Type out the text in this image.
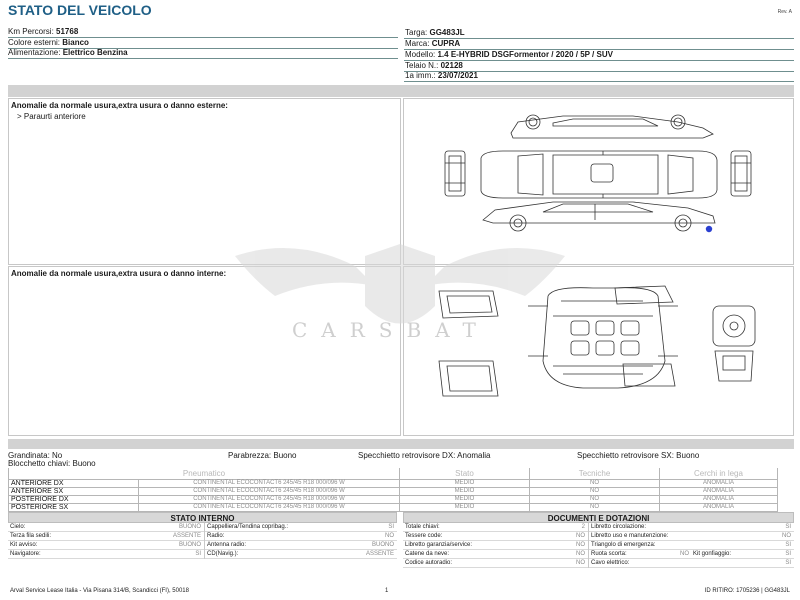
STATO DEL VEICOLO	Rev. A
Km Percorsi: 51768
Colore esterni: Bianco
Alimentazione: Elettrico Benzina
Targa: GG483JL
Marca: CUPRA
Modello: 1.4 E-HYBRID DSGFormentor / 2020 / 5P / SUV
Telaio N.: 02128
1a imm.: 23/07/2021
Anomalie da normale usura,extra usura o danno esterne:
> Paraurti anteriore
Anomalie da normale usura,extra usura o danno interne:
CARSBAT
Grandinata: No	Parabrezza: Buono	Specchietto retrovisore DX: Anomalia	Specchietto retrovisore SX: Buono
Blocchetto chiavi: Buono
Pneumatico		Stato	Tecniche	Cerchi in lega
ANTERIORE DX	CONTINENTAL ECOCONTACT6 245/45 R18 000/096 W	MEDIO	NO	ANOMALIA
ANTERIORE SX	CONTINENTAL ECOCONTACT6 245/45 R18 000/096 W	MEDIO	NO	ANOMALIA
POSTERIORE DX	CONTINENTAL ECOCONTACT6 245/45 R18 000/096 W	MEDIO	NO	ANOMALIA
POSTERIORE SX	CONTINENTAL ECOCONTACT6 245/45 R18 000/096 W	MEDIO	NO	ANOMALIA
STATO INTERNO
Cielo:	BUONO
Terza fila sedili:	ASSENTE
Kit avviso:	BUONO
Navigatore:	SI
Cappelliera/Tendina copribag.:	SI
Radio:	NO
Antenna radio:	BUONO
CD(Navig.):	ASSENTE
DOCUMENTI E DOTAZIONI
Totale chiavi:	2
Tessere code:	NO
Libretto garanzia/service:	NO
Catene da neve:	NO
Codice autoradio:	NO
Libretto circolazione:	SI
Libretto uso e manutenzione:	NO
Triangolo di emergenza:	SI
Ruota scorta:	NO Kit gonfiaggio:	SI
Cavo elettrico:	SI
Arval Service Lease Italia - Via Pisana 314/B, Scandicci (FI), 50018	1	ID RITIRO: 1705236 | GG483JL
